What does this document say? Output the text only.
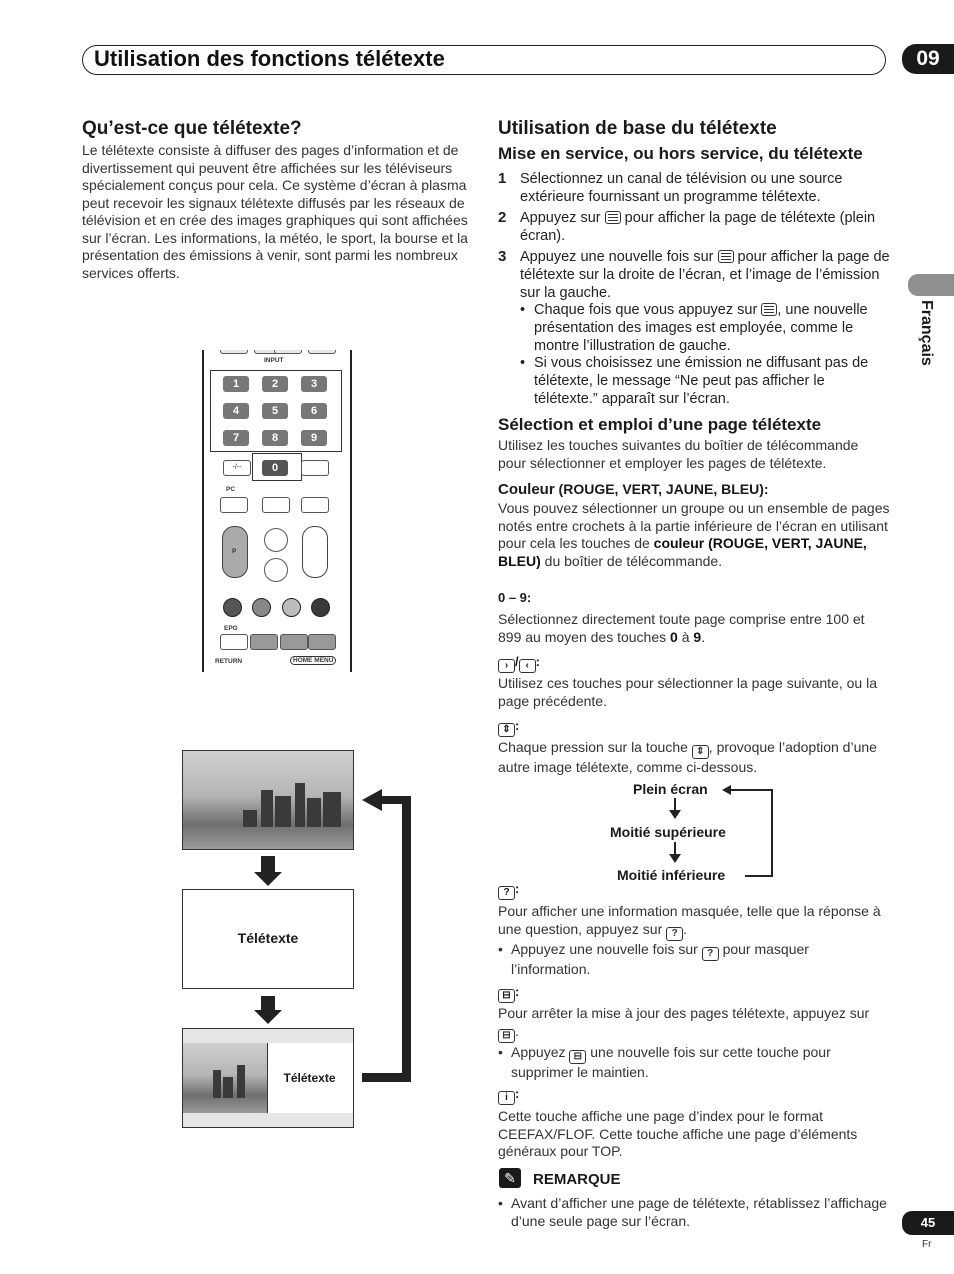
Utilisation des fonctions télétexte	09
Français
Qu’est-ce que télétexte?
Le télétexte consiste à diffuser des pages d’information et de divertissement qui peuvent être affichées sur les téléviseurs spécialement conçus pour cela. Ce système d’écran à plasma peut recevoir les signaux télétexte diffusés par les réseaux de télévision et en crée des images graphiques qui sont affichées sur l’écran. Les informations, la météo, le sport, la bourse et la présentation des émissions à venir, sont parmi les nombreux services offerts.
INPUT
1	2	3
4	5	6
7	8	9
0
-/--
PC
P
EPG
RETURN	HOME MENU
Télétexte
Télétexte
Utilisation de base du télétexte
Mise en service, ou hors service, du télétexte
1 Sélectionnez un canal de télévision ou une source extérieure fournissant un programme télétexte.
2 Appuyez sur pour afficher la page de télétexte (plein écran).
3 Appuyez une nouvelle fois sur pour afficher la page de télétexte sur la droite de l’écran, et l’image de l’émission sur la gauche.
• Chaque fois que vous appuyez sur , une nouvelle présentation des images est employée, comme le montre l’illustration de gauche.
• Si vous choisissez une émission ne diffusant pas de télétexte, le message “Ne peut pas afficher le télétexte.” apparaît sur l’écran.
Sélection et emploi d’une page télétexte
Utilisez les touches suivantes du boîtier de télécommande pour sélectionner et employer les pages de télétexte.
Couleur (ROUGE, VERT, JAUNE, BLEU):
Vous pouvez sélectionner un groupe ou un ensemble de pages notés entre crochets à la partie inférieure de l’écran en utilisant pour cela les touches de couleur (ROUGE, VERT, JAUNE, BLEU) du boîtier de télécommande.
0 – 9:
Sélectionnez directement toute page comprise entre 100 et 899 au moyen des touches 0 à 9.
› / ‹ :
Utilisez ces touches pour sélectionner la page suivante, ou la page précédente.
⇕ :
Chaque pression sur la touche ⇕ , provoque l’adoption d’une autre image télétexte, comme ci-dessous.
Plein écran
Moitié supérieure
Moitié inférieure
? :
Pour afficher une information masquée, telle que la réponse à une question, appuyez sur ? .
• Appuyez une nouvelle fois sur ? pour masquer l’information.
⊟ :
Pour arrêter la mise à jour des pages télétexte, appuyez sur ⊟ .
• Appuyez ⊟ une nouvelle fois sur cette touche pour supprimer le maintien.
i :
Cette touche affiche une page d’index pour le format CEEFAX/FLOF. Cette touche affiche une page d’éléments généraux pour TOP.
✎	REMARQUE
• Avant d’afficher une page de télétexte, rétablissez l’affichage d’une seule page sur l’écran.	45
Fr
